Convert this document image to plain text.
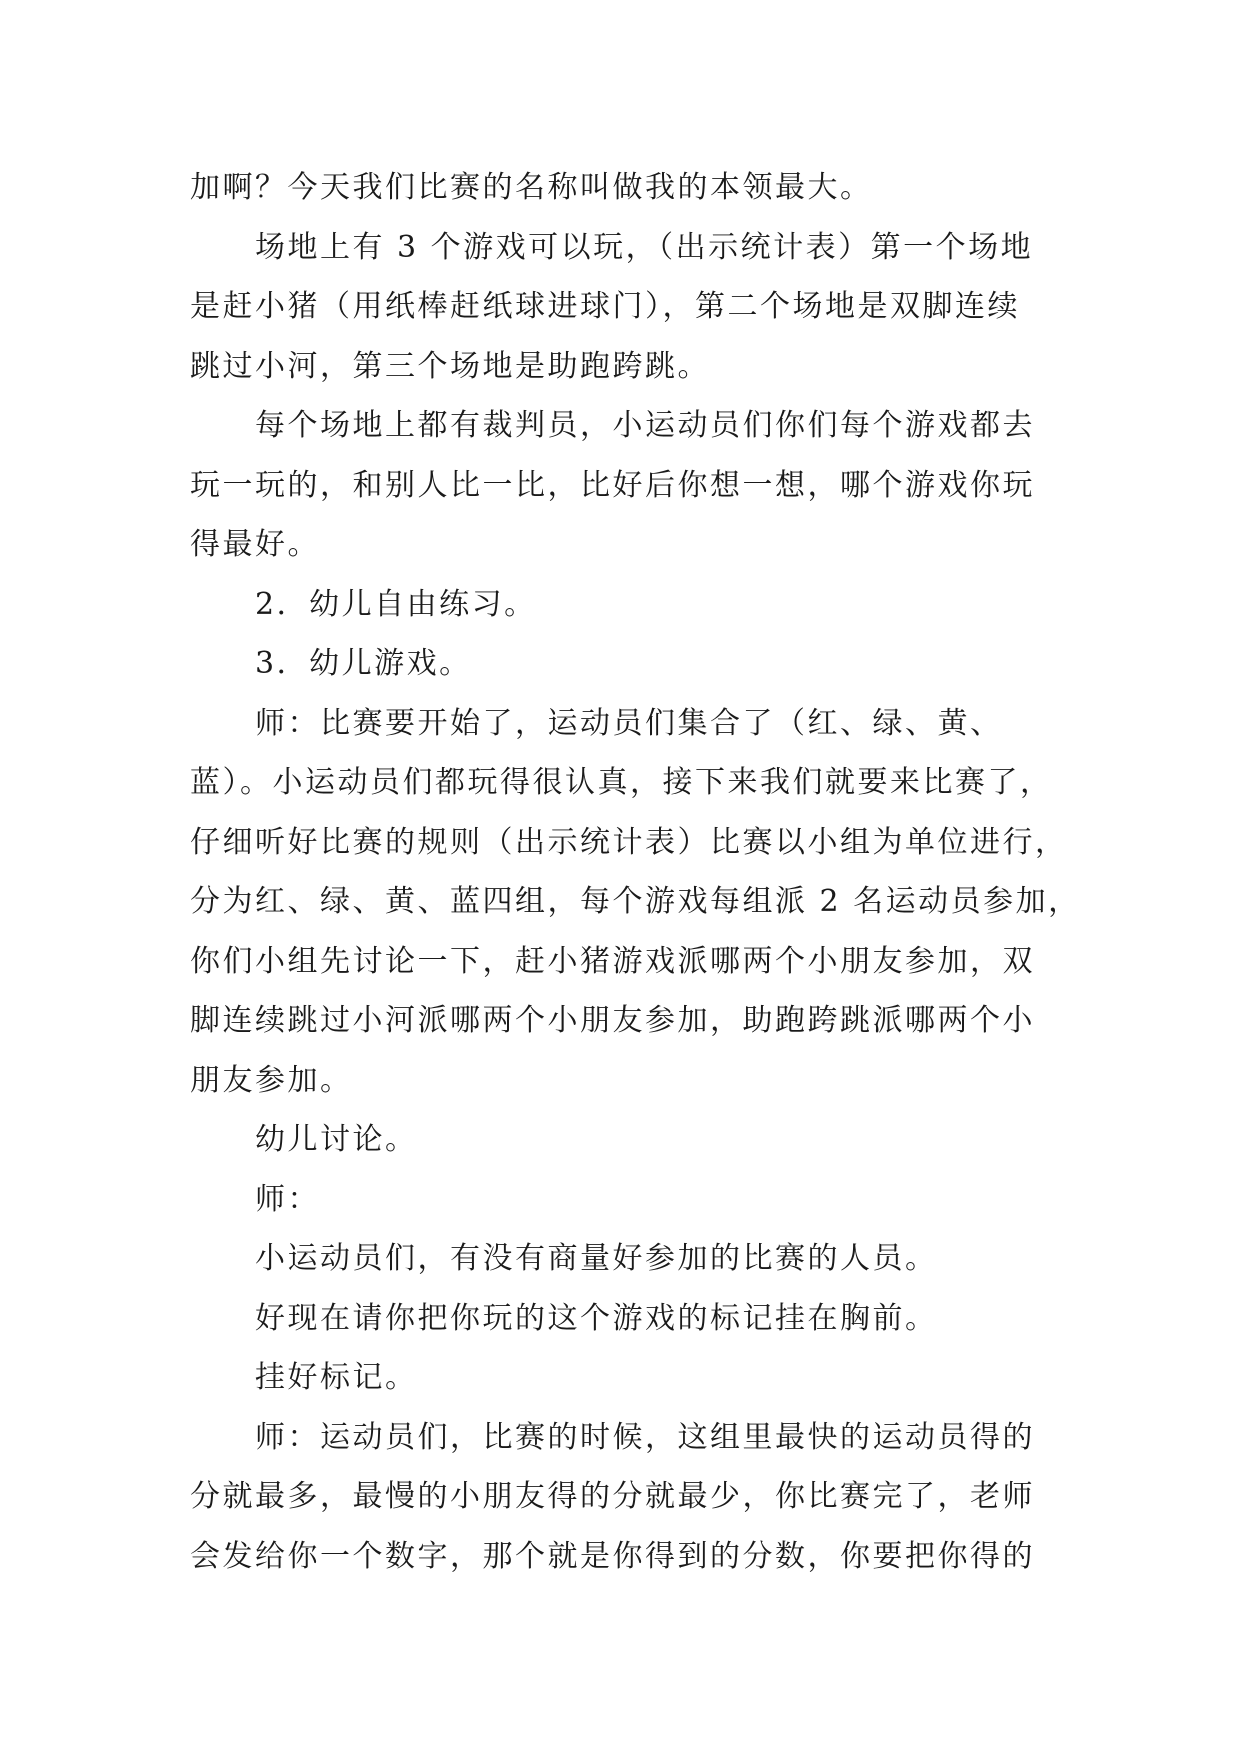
加啊？今天我们比赛的名称叫做我的本领最大。
场地上有 3 个游戏可以玩，（出示统计表）第一个场地
是赶小猪（用纸棒赶纸球进球门），第二个场地是双脚连续
跳过小河，第三个场地是助跑跨跳。
每个场地上都有裁判员，小运动员们你们每个游戏都去
玩一玩的，和别人比一比，比好后你想一想，哪个游戏你玩
得最好。
2．幼儿自由练习。
3．幼儿游戏。
师：比赛要开始了，运动员们集合了（红、绿、黄、
蓝）。小运动员们都玩得很认真，接下来我们就要来比赛了，
仔细听好比赛的规则（出示统计表）比赛以小组为单位进行，
分为红、绿、黄、蓝四组，每个游戏每组派 2 名运动员参加，
你们小组先讨论一下，赶小猪游戏派哪两个小朋友参加，双
脚连续跳过小河派哪两个小朋友参加，助跑跨跳派哪两个小
朋友参加。
幼儿讨论。
师：
小运动员们，有没有商量好参加的比赛的人员。
好现在请你把你玩的这个游戏的标记挂在胸前。
挂好标记。
师：运动员们，比赛的时候，这组里最快的运动员得的
分就最多，最慢的小朋友得的分就最少，你比赛完了，老师
会发给你一个数字，那个就是你得到的分数，你要把你得的
